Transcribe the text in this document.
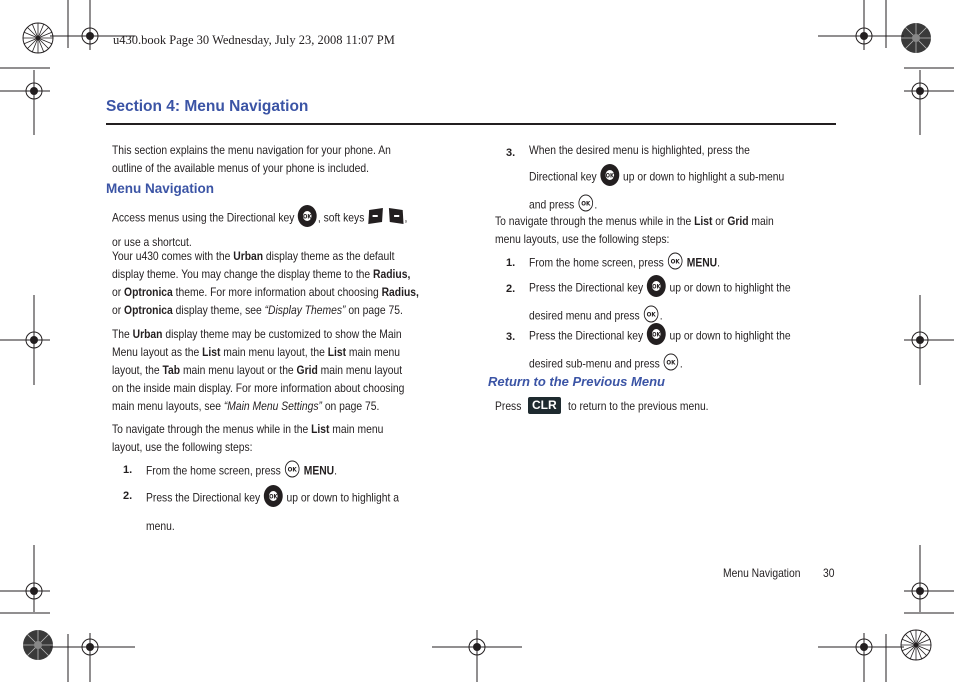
u430.book Page 30 Wednesday, July 23, 2008 11:07 PM
Section 4: Menu Navigation
This section explains the menu navigation for your phone. An
outline of the available menus of your phone is included.
Menu Navigation
Access menus using the Directional key OK , soft keys	,
or use a shortcut.
Your u430 comes with the Urban display theme as the default
display theme. You may change the display theme to the Radius,
or Optronica theme. For more information about choosing Radius,
or Optronica display theme, see “Display Themes” on page 75.
The Urban display theme may be customized to show the Main
Menu layout as the List main menu layout, the List main menu
layout, the Tab main menu layout or the Grid main menu layout
on the inside main display. For more information about choosing
main menu layouts, see “Main Menu Settings” on page 75.
To navigate through the menus while in the List main menu
layout, use the following steps:
1. From the home screen, press OK MENU.
2. Press the Directional key OK up or down to highlight a
menu.
3. When the desired menu is highlighted, press the
Directional key OK up or down to highlight a sub-menu
and press OK .
To navigate through the menus while in the List or Grid main
menu layouts, use the following steps:
1. From the home screen, press OK MENU.
2. Press the Directional key OK up or down to highlight the
desired menu and press OK .
3. Press the Directional key OK up or down to highlight the
desired sub-menu and press OK .
Return to the Previous Menu
Press CLR to return to the previous menu.
Menu Navigation	30
